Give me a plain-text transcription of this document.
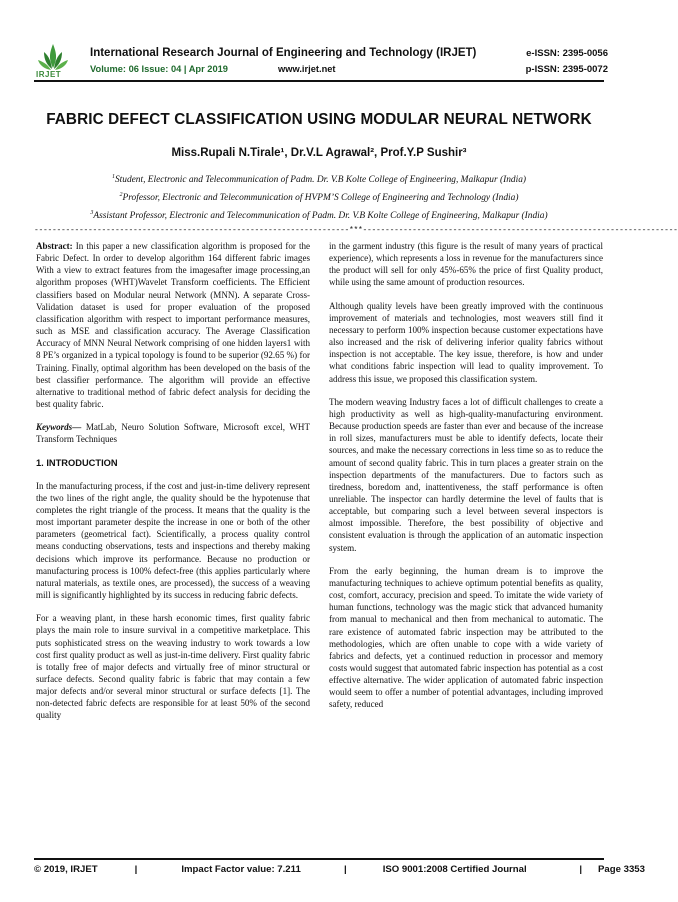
IRJET
International Research Journal of Engineering and Technology (IRJET)
Volume: 06 Issue: 04 | Apr 2019	www.irjet.net
e-ISSN: 2395-0056
p-ISSN: 2395-0072
FABRIC DEFECT CLASSIFICATION USING MODULAR NEURAL NETWORK
Miss.Rupali N.Tirale¹, Dr.V.L Agrawal², Prof.Y.P Sushir³
$^1$Student, Electronic and Telecommunication of Padm. Dr. V.B Kolte College of Engineering, Malkapur (India)
$^2$Professor, Electronic and Telecommunication of HVPM’S College of Engineering and Technology (India)
$^3$Assistant Professor, Electronic and Telecommunication of Padm. Dr. V.B Kolte College of Engineering, Malkapur (India)
----------------------------------------------------------------------***----------------------------------------------------------------------

Abstract: In this paper a new classification algorithm is proposed for the Fabric Defect. In order to develop algorithm 164 different fabric images With a view to extract features from the imagesafter image processing,an algorithm proposes (WHT)Wavelet Transform coefficients. The Efficient classifiers based on Modular neural Network (MNN). A separate Cross-Validation dataset is used for proper evaluation of the proposed classification algorithm with respect to important performance measures, such as MSE and classification accuracy. The Average Classification Accuracy of MNN Neural Network comprising of one hidden layers1 with 8 PE’s organized in a typical topology is found to be superior (92.65 %) for Training. Finally, optimal algorithm has been developed on the basis of the best classifier performance. The algorithm will provide an effective alternative to traditional method of fabric defect analysis for deciding the best quality fabric.

Keywords— MatLab, Neuro Solution Software, Microsoft excel, WHT Transform Techniques

1. INTRODUCTION

In the manufacturing process, if the cost and just-in-time delivery represent the two lines of the right angle, the quality should be the hypotenuse that completes the right triangle of the process. It means that the quality is the most important parameter despite the increase in one or both of the other parameters (geometrical fact). Scientifically, a process quality control means conducting observations, tests and inspections and thereby making decisions which improve its performance. Because no production or manufacturing process is 100% defect-free (this applies particularly where natural materials, as textile ones, are processed), the success of a weaving mill is significantly highlighted by its success in reducing fabric defects.

For a weaving plant, in these harsh economic times, first quality fabric plays the main role to insure survival in a competitive marketplace. This puts sophisticated stress on the weaving industry to work towards a low cost first quality product as well as just-in-time delivery. First quality fabric is totally free of major defects and virtually free of minor structural or surface defects. Second quality fabric is fabric that may contain a few major defects and/or several minor structural or surface defects [1]. The non-detected fabric defects are responsible for at least 50% of the second quality

in the garment industry (this figure is the result of many years of practical experience), which represents a loss in revenue for the manufacturers since the product will sell for only 45%-65% the price of first Quality product, while using the same amount of production resources.

Although quality levels have been greatly improved with the continuous improvement of materials and technologies, most weavers still find it necessary to perform 100% inspection because customer expectations have also increased and the risk of delivering inferior quality fabrics without inspection is not acceptable. The key issue, therefore, is how and under what conditions fabric inspection will lead to quality improvement. To address this issue, we proposed this classification system.

The modern weaving Industry faces a lot of difficult challenges to create a high productivity as well as high-quality-manufacturing environment. Because production speeds are faster than ever and because of the increase in roll sizes, manufacturers must be able to identify defects, locate their sources, and make the necessary corrections in less time so as to reduce the amount of second quality fabric. This in turn places a greater strain on the inspection departments of the manufacturers. Due to factors such as tiredness, boredom and, inattentiveness, the staff performance is often unreliable. The inspector can hardly determine the level of faults that is acceptable, but comparing such a level between several inspectors is almost impossible. Therefore, the best possibility of objective and consistent evaluation is through the application of an automatic inspection system.

From the early beginning, the human dream is to improve the manufacturing techniques to achieve optimum potential benefits as quality, cost, comfort, accuracy, precision and speed. To imitate the wide variety of human functions, technology was the magic stick that advanced humanity from manual to mechanical and then from mechanical to automatic. The rare existence of automated fabric inspection may be attributed to the methodologies, which are often unable to cope with a wide variety of fabrics and defects, yet a continued reduction in processor and memory costs would suggest that automated fabric inspection has potential as a cost effective alternative. The wider application of automated fabric inspection would seem to offer a number of potential advantages, including improved safety, reduced

© 2019, IRJET	|	Impact Factor value: 7.211	|	ISO 9001:2008 Certified Journal	| Page 3353
